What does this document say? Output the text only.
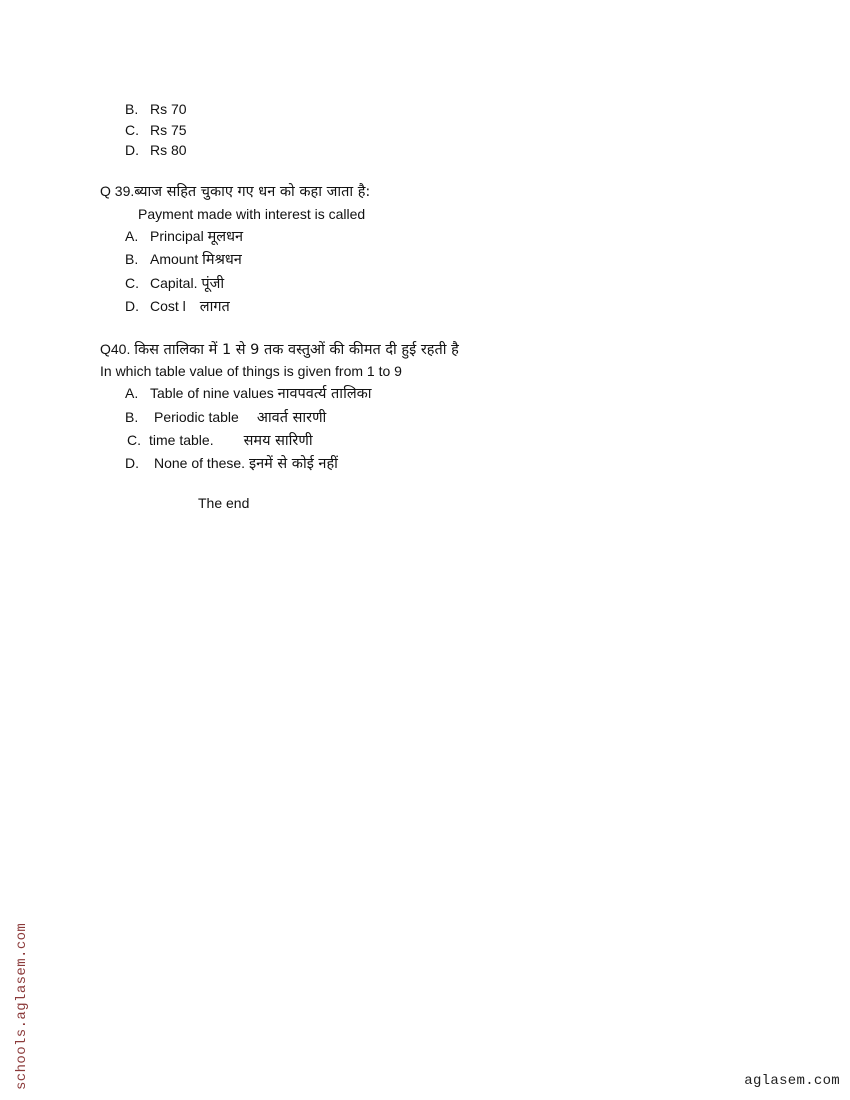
B. Rs 70
C. Rs 75
D. Rs 80
Q 39.ब्याज सहित चुकाए गए धन को कहा जाता है:
Payment made with interest is called
A. Principal मूलधन
B. Amount मिश्रधन
C. Capital. पूंजी
D. Cost l लागत
Q40. किस तालिका में 1 से 9 तक वस्तुओं की कीमत दी हुई रहती है
In which table value of things is given from 1 to 9
A. Table of nine values नावपवर्त्य तालिका
B. Periodic table आवर्त सारणी
C. time table. समय सारिणी
D. None of these. इनमें से कोई नहीं
The end
schools.aglasem.com	aglasem.com
